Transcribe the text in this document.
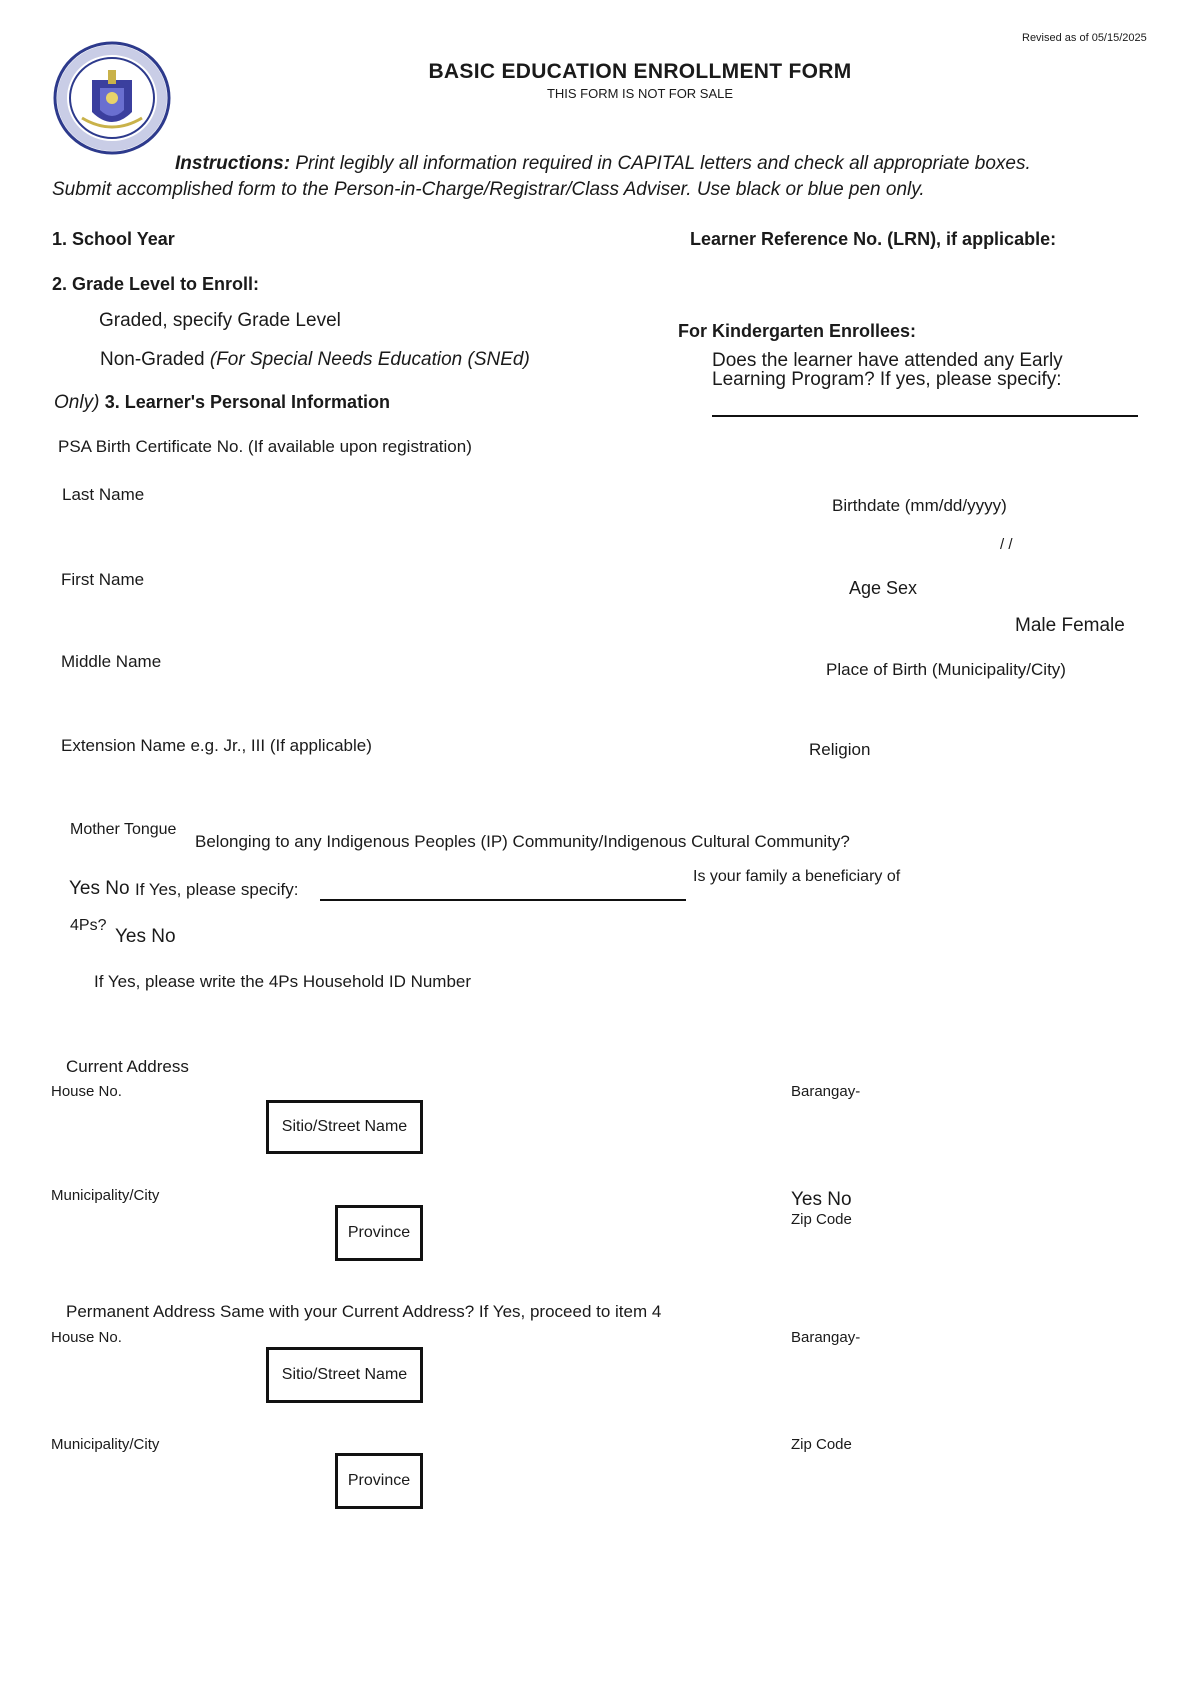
Revised as of 05/15/2025
BASIC EDUCATION ENROLLMENT FORM
THIS FORM IS NOT FOR SALE
Instructions: Print legibly all information required in CAPITAL letters and check all appropriate boxes.
Submit accomplished form to the Person-in-Charge/Registrar/Class Adviser. Use black or blue pen only.
1. School Year	Learner Reference No. (LRN), if applicable:
2. Grade Level to Enroll:
Graded, specify Grade Level
Non-Graded (For Special Needs Education (SNEd)
For Kindergarten Enrollees:
Does the learner have attended any Early
Learning Program? If yes, please specify:
Only) 3. Learner's Personal Information
PSA Birth Certificate No. (If available upon registration)
Last Name
Birthdate (mm/dd/yyyy)
/ /
First Name	Age Sex
Male Female
Middle Name	Place of Birth (Municipality/City)
Extension Name e.g. Jr., III (If applicable)	Religion
Mother Tongue
Belonging to any Indigenous Peoples (IP) Community/Indigenous Cultural Community?
Yes No If Yes, please specify:
Is your family a beneficiary of
4Ps?
Yes No
If Yes, please write the 4Ps Household ID Number
Current Address
House No.	Barangay-
Sitio/Street Name
Municipality/City	Yes No
Zip Code
Province
Permanent Address Same with your Current Address? If Yes, proceed to item 4
House No.	Barangay-
Sitio/Street Name
Municipality/City	Zip Code
Province
